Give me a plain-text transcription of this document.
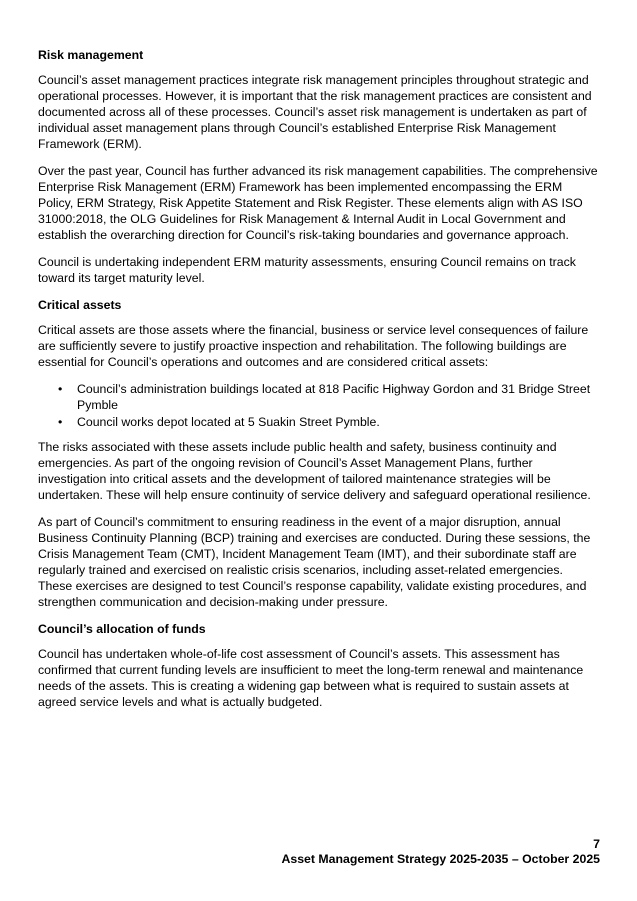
Risk management

Council’s asset management practices integrate risk management principles throughout strategic and operational processes. However, it is important that the risk management practices are consistent and documented across all of these processes. Council’s asset risk management is undertaken as part of individual asset management plans through Council’s established Enterprise Risk Management Framework (ERM).

Over the past year, Council has further advanced its risk management capabilities. The comprehensive Enterprise Risk Management (ERM) Framework has been implemented encompassing the ERM Policy, ERM Strategy, Risk Appetite Statement and Risk Register. These elements align with AS ISO 31000:2018, the OLG Guidelines for Risk Management & Internal Audit in Local Government and establish the overarching direction for Council’s risk-taking boundaries and governance approach.

Council is undertaking independent ERM maturity assessments, ensuring Council remains on track toward its target maturity level.

Critical assets

Critical assets are those assets where the financial, business or service level consequences of failure are sufficiently severe to justify proactive inspection and rehabilitation. The following buildings are essential for Council’s operations and outcomes and are considered critical assets:

• Council’s administration buildings located at 818 Pacific Highway Gordon and 31 Bridge Street Pymble
• Council works depot located at 5 Suakin Street Pymble.

The risks associated with these assets include public health and safety, business continuity and emergencies. As part of the ongoing revision of Council’s Asset Management Plans, further investigation into critical assets and the development of tailored maintenance strategies will be undertaken. These will help ensure continuity of service delivery and safeguard operational resilience.

As part of Council’s commitment to ensuring readiness in the event of a major disruption, annual Business Continuity Planning (BCP) training and exercises are conducted. During these sessions, the Crisis Management Team (CMT), Incident Management Team (IMT), and their subordinate staff are regularly trained and exercised on realistic crisis scenarios, including asset-related emergencies. These exercises are designed to test Council’s response capability, validate existing procedures, and strengthen communication and decision-making under pressure.

Council’s allocation of funds

Council has undertaken whole-of-life cost assessment of Council’s assets. This assessment has confirmed that current funding levels are insufficient to meet the long-term renewal and maintenance needs of the assets. This is creating a widening gap between what is required to sustain assets at agreed service levels and what is actually budgeted.

7
Asset Management Strategy 2025-2035 – October 2025
